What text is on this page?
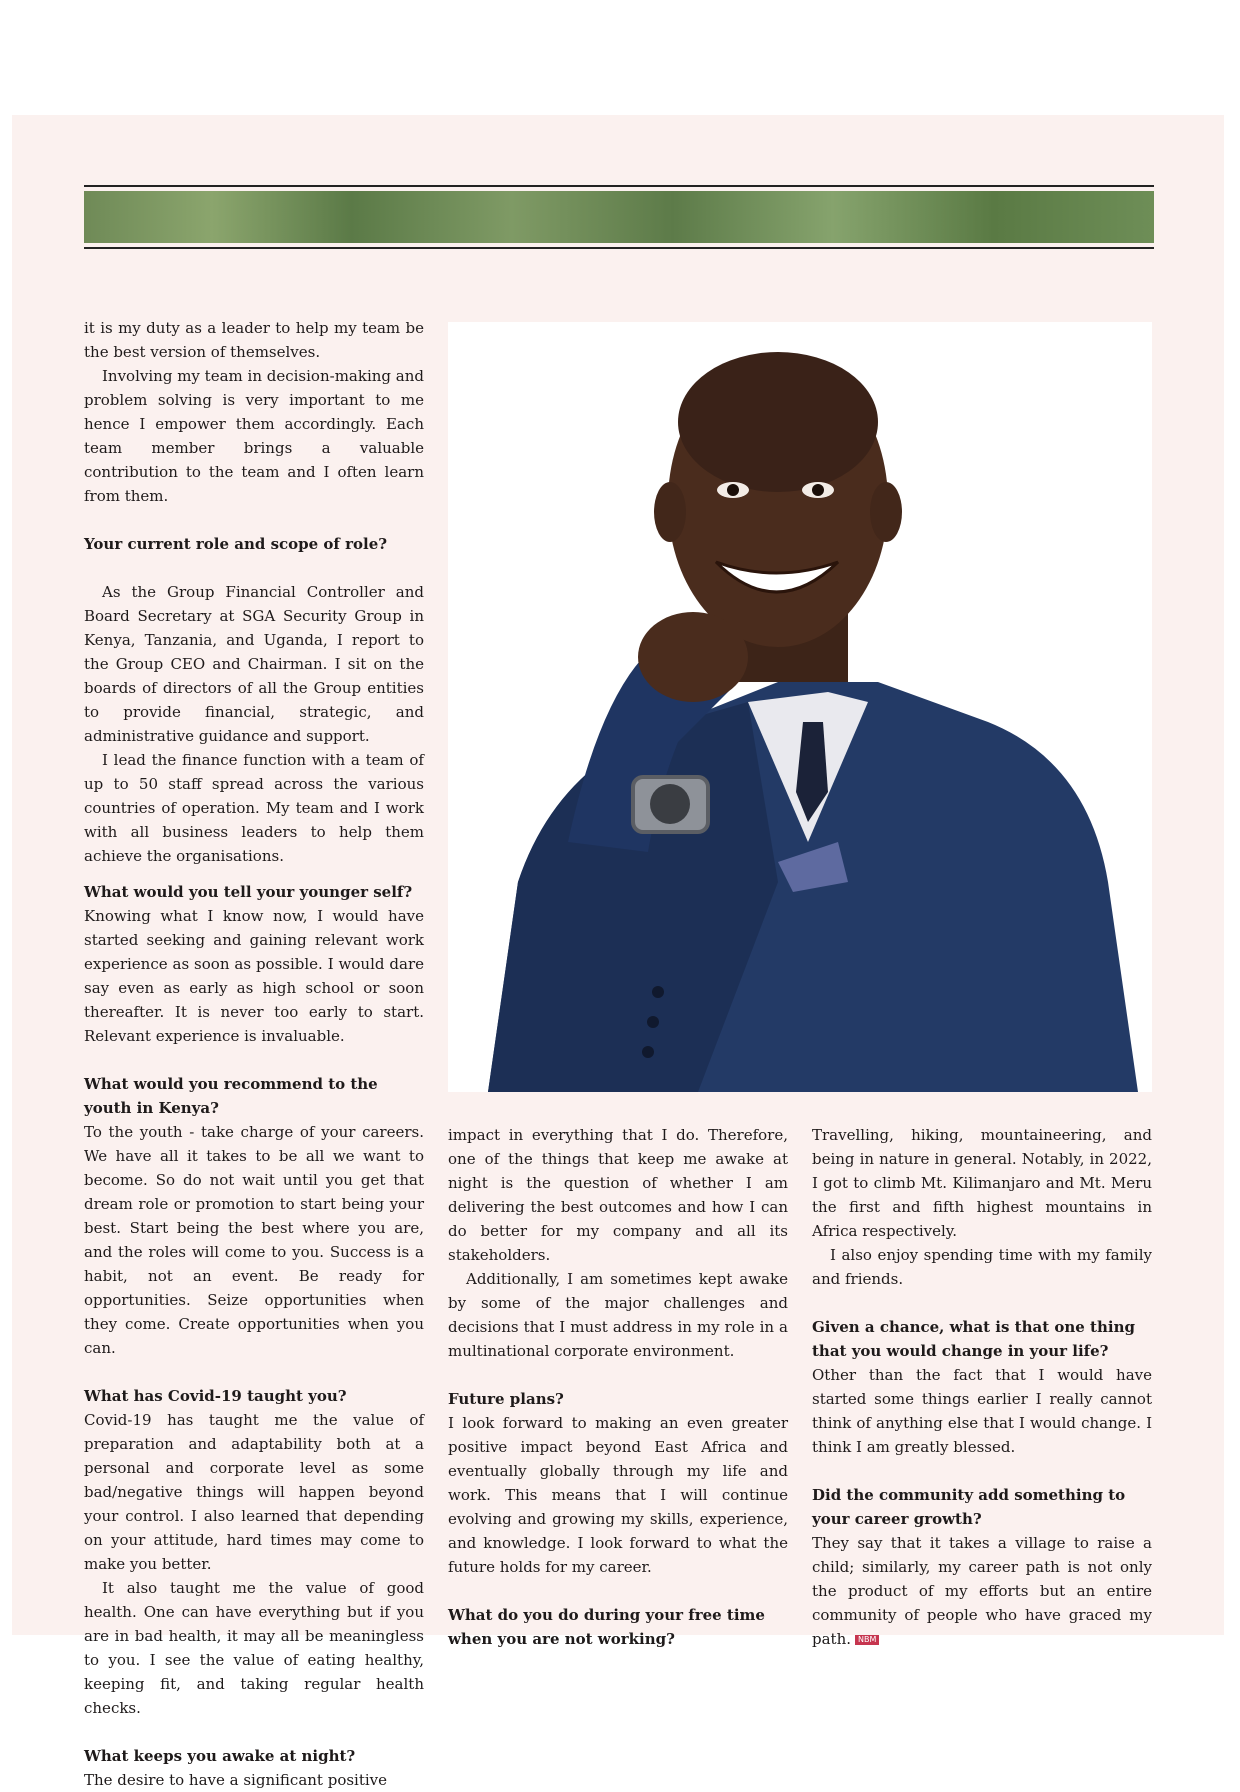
it is my duty as a leader to help my team be the best version of themselves.

Involving my team in decision-making and problem solving is very important to me hence I empower them accordingly. Each team member brings a valuable contribution to the team and I often learn from them.

Your current role and scope of role?

As the Group Financial Controller and Board Secretary at SGA Security Group in Kenya, Tanzania, and Uganda, I report to the Group CEO and Chairman. I sit on the boards of directors of all the Group entities to provide financial, strategic, and administrative guidance and support.

I lead the finance function with a team of up to 50 staff spread across the various countries of operation. My team and I work with all business leaders to help them achieve the organisations.

What would you tell your younger self?

Knowing what I know now, I would have started seeking and gaining relevant work experience as soon as possible. I would dare say even as early as high school or soon thereafter. It is never too early to start. Relevant experience is invaluable.

What would you recommend to the youth in Kenya?

To the youth - take charge of your careers. We have all it takes to be all we want to become. So do not wait until you get that dream role or promotion to start being your best. Start being the best where you are, and the roles will come to you. Success is a habit, not an event. Be ready for opportunities. Seize opportunities when they come. Create opportunities when you can.

What has Covid-19 taught you?

Covid-19 has taught me the value of preparation and adaptability both at a personal and corporate level as some bad/negative things will happen beyond your control. I also learned that depending on your attitude, hard times may come to make you better.

It also taught me the value of good health. One can have everything but if you are in bad health, it may all be meaningless to you. I see the value of eating healthy, keeping fit, and taking regular health checks.

What keeps you awake at night?

The desire to have a significant positive

impact in everything that I do. Therefore, one of the things that keep me awake at night is the question of whether I am delivering the best outcomes and how I can do better for my company and all its stakeholders.

Additionally, I am sometimes kept awake by some of the major challenges and decisions that I must address in my role in a multinational corporate environment.

Future plans?

I look forward to making an even greater positive impact beyond East Africa and eventually globally through my life and work. This means that I will continue evolving and growing my skills, experience, and knowledge. I look forward to what the future holds for my career.

What do you do during your free time when you are not working?

Travelling, hiking, mountaineering, and being in nature in general. Notably, in 2022, I got to climb Mt. Kilimanjaro and Mt. Meru the first and fifth highest mountains in Africa respectively.

I also enjoy spending time with my family and friends.

Given a chance, what is that one thing that you would change in your life?

Other than the fact that I would have started some things earlier I really cannot think of anything else that I would change. I think I am greatly blessed.

Did the community add something to your career growth?

They say that it takes a village to raise a child; similarly, my career path is not only the product of my efforts but an entire community of people who have graced my path. NBM
